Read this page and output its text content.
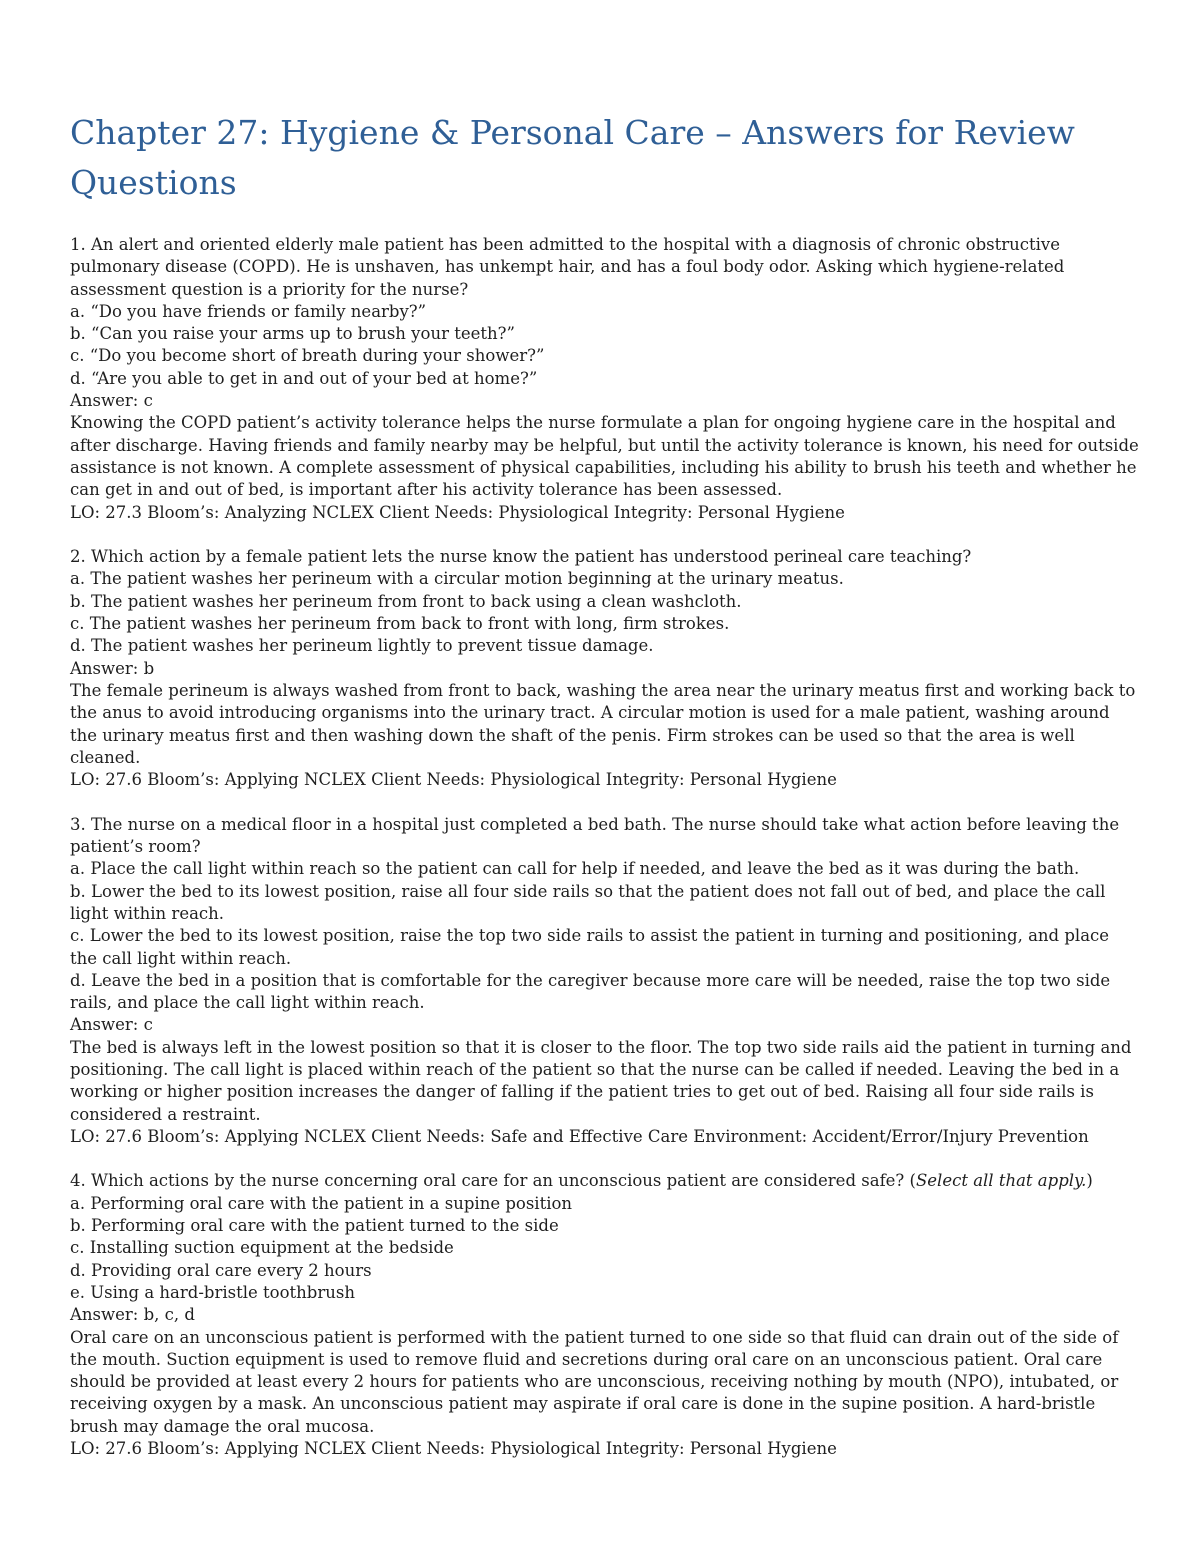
Chapter 27: Hygiene & Personal Care – Answers for Review Questions
1. An alert and oriented elderly male patient has been admitted to the hospital with a diagnosis of chronic obstructive pulmonary disease (COPD). He is unshaven, has unkempt hair, and has a foul body odor. Asking which hygiene-related assessment question is a priority for the nurse?
a. “Do you have friends or family nearby?”
b. “Can you raise your arms up to brush your teeth?”
c. “Do you become short of breath during your shower?”
d. “Are you able to get in and out of your bed at home?”
Answer: c
Knowing the COPD patient’s activity tolerance helps the nurse formulate a plan for ongoing hygiene care in the hospital and after discharge. Having friends and family nearby may be helpful, but until the activity tolerance is known, his need for outside assistance is not known. A complete assessment of physical capabilities, including his ability to brush his teeth and whether he can get in and out of bed, is important after his activity tolerance has been assessed.
LO: 27.3 Bloom’s: Analyzing NCLEX Client Needs: Physiological Integrity: Personal Hygiene
2. Which action by a female patient lets the nurse know the patient has understood perineal care teaching?
a. The patient washes her perineum with a circular motion beginning at the urinary meatus.
b. The patient washes her perineum from front to back using a clean washcloth.
c. The patient washes her perineum from back to front with long, firm strokes.
d. The patient washes her perineum lightly to prevent tissue damage.
Answer: b
The female perineum is always washed from front to back, washing the area near the urinary meatus first and working back to the anus to avoid introducing organisms into the urinary tract. A circular motion is used for a male patient, washing around the urinary meatus first and then washing down the shaft of the penis. Firm strokes can be used so that the area is well cleaned.
LO: 27.6 Bloom’s: Applying NCLEX Client Needs: Physiological Integrity: Personal Hygiene
3. The nurse on a medical floor in a hospital just completed a bed bath. The nurse should take what action before leaving the patient’s room?
a. Place the call light within reach so the patient can call for help if needed, and leave the bed as it was during the bath.
b. Lower the bed to its lowest position, raise all four side rails so that the patient does not fall out of bed, and place the call light within reach.
c. Lower the bed to its lowest position, raise the top two side rails to assist the patient in turning and positioning, and place the call light within reach.
d. Leave the bed in a position that is comfortable for the caregiver because more care will be needed, raise the top two side rails, and place the call light within reach.
Answer: c
The bed is always left in the lowest position so that it is closer to the floor. The top two side rails aid the patient in turning and positioning. The call light is placed within reach of the patient so that the nurse can be called if needed. Leaving the bed in a working or higher position increases the danger of falling if the patient tries to get out of bed. Raising all four side rails is considered a restraint.
LO: 27.6 Bloom’s: Applying NCLEX Client Needs: Safe and Effective Care Environment: Accident/Error/Injury Prevention
4. Which actions by the nurse concerning oral care for an unconscious patient are considered safe? (Select all that apply.)
a. Performing oral care with the patient in a supine position
b. Performing oral care with the patient turned to the side
c. Installing suction equipment at the bedside
d. Providing oral care every 2 hours
e. Using a hard-bristle toothbrush
Answer: b, c, d
Oral care on an unconscious patient is performed with the patient turned to one side so that fluid can drain out of the side of the mouth. Suction equipment is used to remove fluid and secretions during oral care on an unconscious patient. Oral care should be provided at least every 2 hours for patients who are unconscious, receiving nothing by mouth (NPO), intubated, or receiving oxygen by a mask. An unconscious patient may aspirate if oral care is done in the supine position. A hard-bristle brush may damage the oral mucosa.
LO: 27.6 Bloom’s: Applying NCLEX Client Needs: Physiological Integrity: Personal Hygiene
